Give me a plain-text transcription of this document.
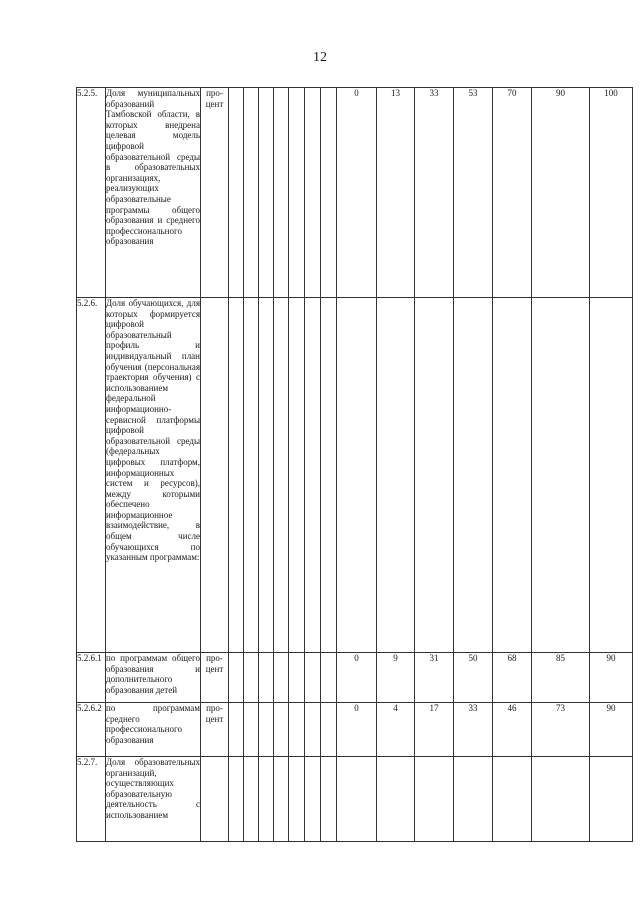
12
5.2.5.	Доля муниципальных образований Тамбовской области, в которых внедрена целевая модель цифровой образовательной среды в образовательных организациях, реализующих образовательные программы общего образования и среднего профессионального образования	про-цент								0	13	33	53	70	90	100
5.2.6.	Доля обучающихся, для которых формируется цифровой образовательный профиль и индивидуальный план обучения (персональная траектория обучения) с использованием федеральной информационно-сервисной платформы цифровой образовательной среды (федеральных цифровых платформ, информационных систем и ресурсов), между которыми обеспечено информационное взаимодействие, в общем числе обучающихся по указанным программам:															
5.2.6.1	по программам общего образования и дополнительного образования детей	про-цент								0	9	31	50	68	85	90
5.2.6.2	по программам среднего профессионального образования	про-цент								0	4	17	33	46	73	90
5.2.7.	Доля образовательных организаций, осуществляющих образовательную деятельность с использованием															
